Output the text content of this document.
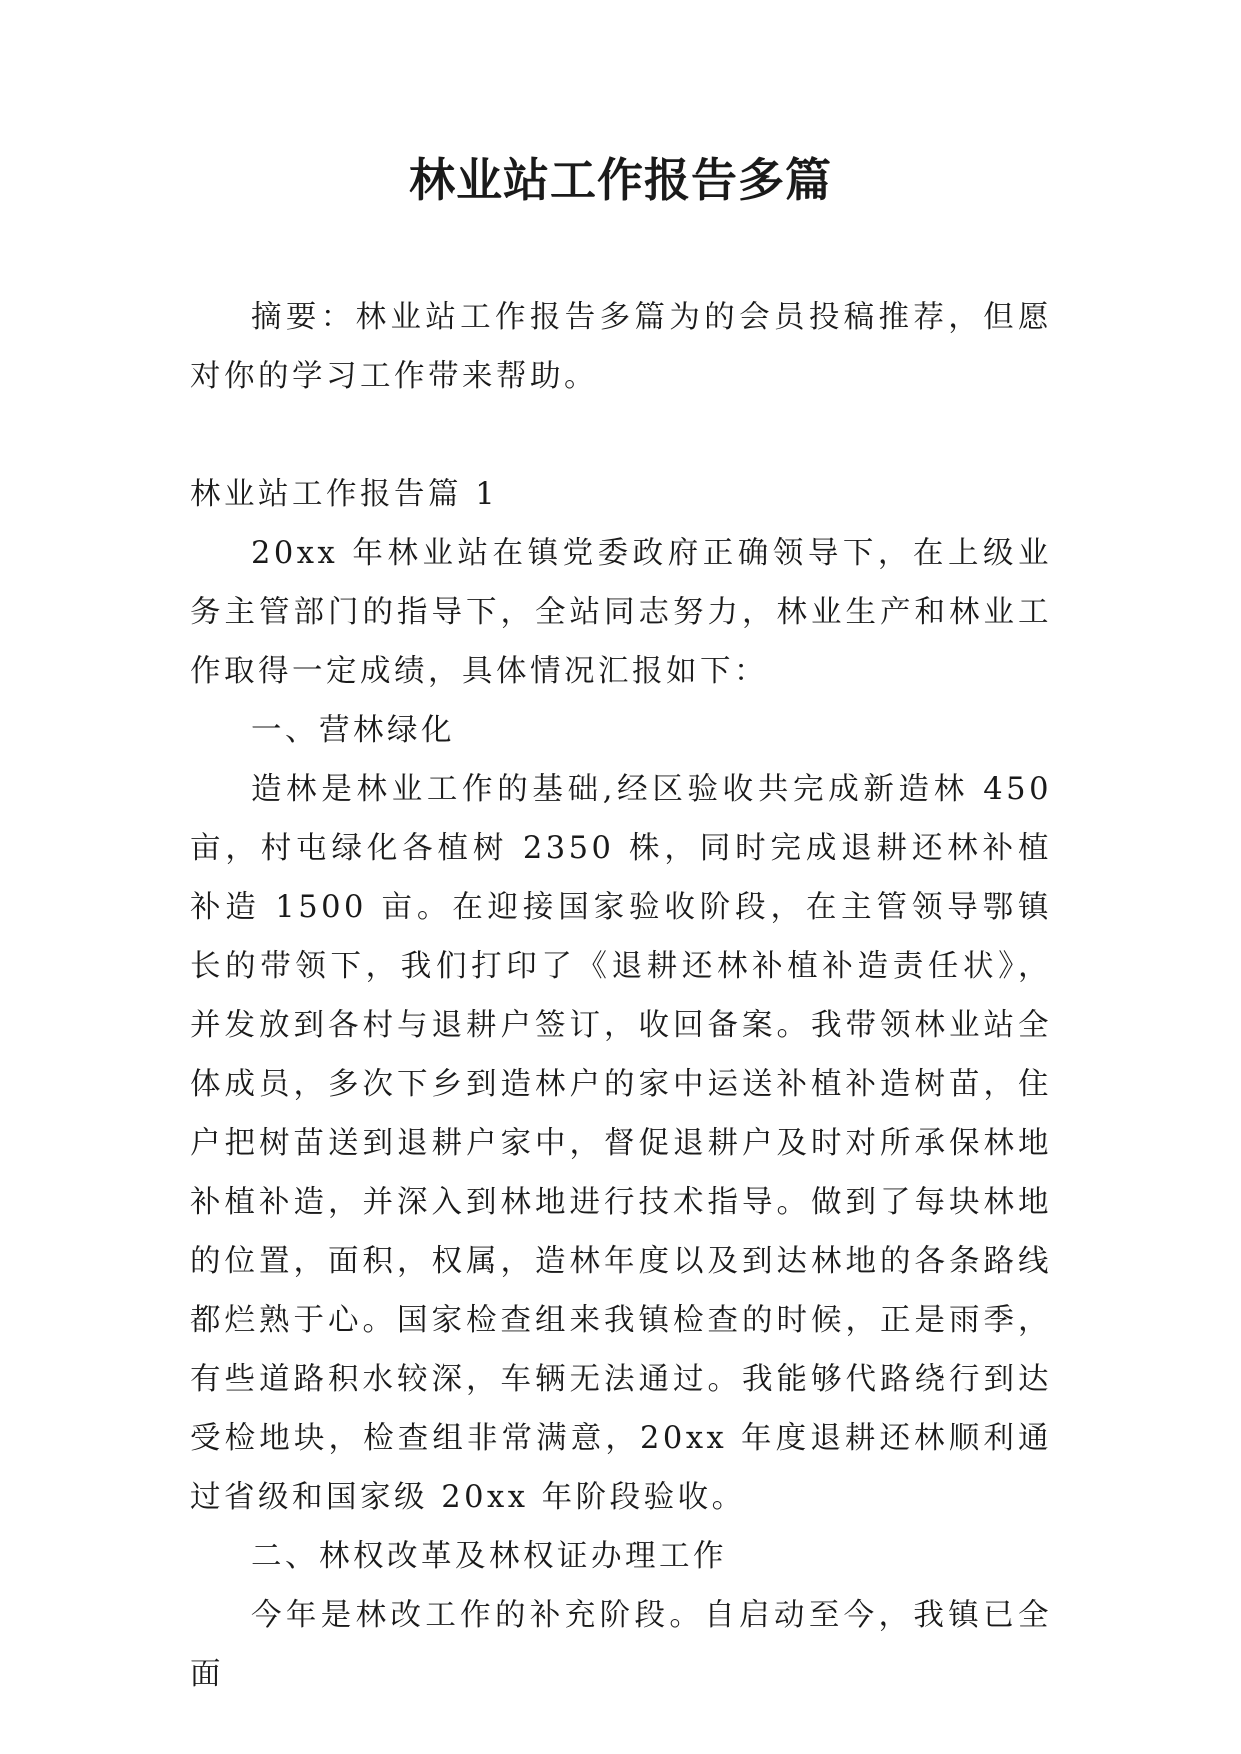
林业站工作报告多篇

摘要：林业站工作报告多篇为的会员投稿推荐，但愿对你的学习工作带来帮助。

林业站工作报告篇 1

20xx 年林业站在镇党委政府正确领导下，在上级业务主管部门的指导下，全站同志努力，林业生产和林业工作取得一定成绩，具体情况汇报如下：

一、营林绿化

造林是林业工作的基础,经区验收共完成新造林 450 亩，村屯绿化各植树 2350 株，同时完成退耕还林补植补造 1500 亩。在迎接国家验收阶段，在主管领导鄂镇长的带领下，我们打印了《退耕还林补植补造责任状》，并发放到各村与退耕户签订，收回备案。我带领林业站全体成员，多次下乡到造林户的家中运送补植补造树苗，住户把树苗送到退耕户家中，督促退耕户及时对所承保林地补植补造，并深入到林地进行技术指导。做到了每块林地的位置，面积，权属，造林年度以及到达林地的各条路线都烂熟于心。国家检查组来我镇检查的时候，正是雨季，有些道路积水较深，车辆无法通过。我能够代路绕行到达受检地块，检查组非常满意，20xx 年度退耕还林顺利通过省级和国家级 20xx 年阶段验收。

二、林权改革及林权证办理工作

今年是林改工作的补充阶段。自启动至今，我镇已全面
